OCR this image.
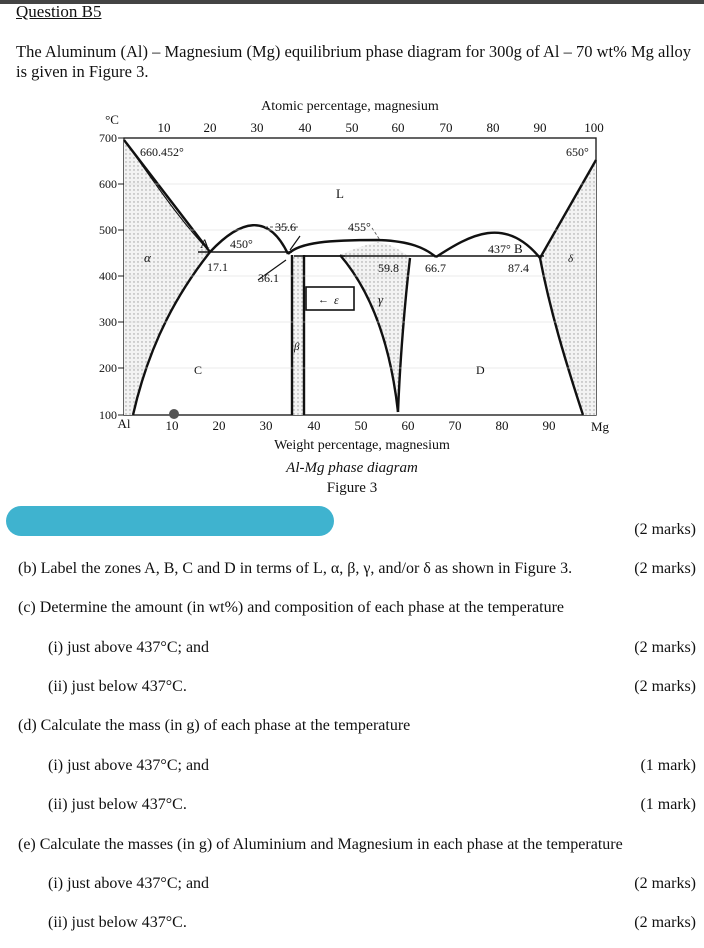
Question B5
The Aluminum (Al) – Magnesium (Mg) equilibrium phase diagram for 300g of Al – 70 wt% Mg alloy is given in Figure 3.
Atomic percentage, magnesium
10	20	30	40	50	60	70	80	90	100
°C
700
600
500
400
300
200
100
Al	Mg
10	20	30	40	50	60	70	80	90
Weight percentage, magnesium
660.452°	650°
35.6	455°
450°
17.1
36.1
59.8 66.7
437°
87.4
L
α
β
γ
← ε
δ
A	B
C	D
Al-Mg phase diagram
Figure 3
(2 marks)
(b) Label the zones A, B, C and D in terms of L, α, β, γ, and/or δ as shown in Figure 3.	(2 marks)
(c) Determine the amount (in wt%) and composition of each phase at the temperature
(i) just above 437°C; and	(2 marks)
(ii) just below 437°C.	(2 marks)
(d) Calculate the mass (in g) of each phase at the temperature
(i) just above 437°C; and	(1 mark)
(ii) just below 437°C.	(1 mark)
(e) Calculate the masses (in g) of Aluminium and Magnesium in each phase at the temperature
(i) just above 437°C; and	(2 marks)
(ii) just below 437°C.	(2 marks)
